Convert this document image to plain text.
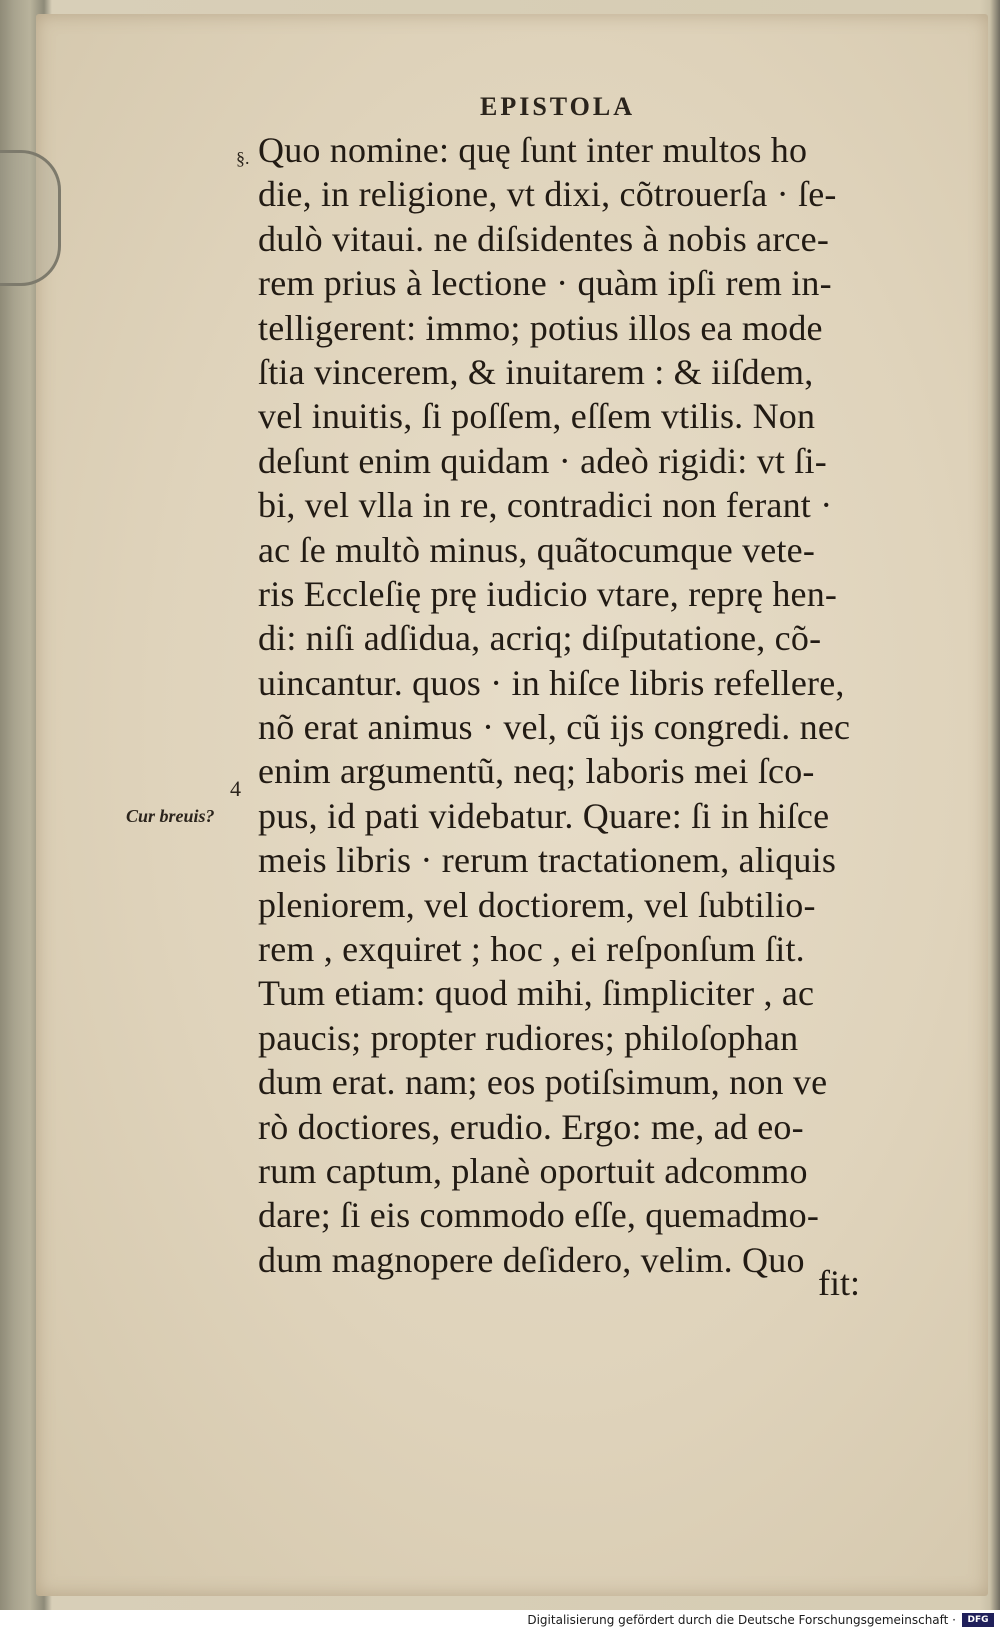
EPISTOLA
§.
4
Cur breuis?
Quo nomine: quę ſunt inter multos ho
die, in religione, vt dixi, cõtrouerſa · ſe-
dulò vitaui. ne diſsidentes à nobis arce-
rem prius à lectione · quàm ipſi rem in-
telligerent: immo; potius illos ea mode
ſtia vincerem, & inuitarem : & iiſdem,
vel inuitis, ſi poſſem, eſſem vtilis. Non
deſunt enim quidam · adeò rigidi: vt ſi-
bi, vel vlla in re, contradici non ferant ·
ac ſe multò minus, quãtocumque vete-
ris Eccleſię prę iudicio vtare, reprę hen-
di: niſi adſidua, acriq; diſputatione, cõ-
uincantur. quos · in hiſce libris refellere,
nõ erat animus · vel, cũ ijs congredi. nec
enim argumentũ, neq; laboris mei ſco-
pus, id pati videbatur. Quare: ſi in hiſce
meis libris · rerum tractationem, aliquis
pleniorem, vel doctiorem, vel ſubtilio-
rem , exquiret ; hoc , ei reſponſum ſit.
Tum etiam: quod mihi, ſimpliciter , ac
paucis; propter rudiores; philoſophan
dum erat. nam; eos potiſsimum, non ve
rò doctiores, erudio. Ergo: me, ad eo-
rum captum, planè oportuit adcommo
dare; ſi eis commodo eſſe, quemadmo-
dum magnopere deſidero, velim. Quo
fit:
Digitalisierung gefördert durch die Deutsche Forschungsgemeinschaft ·	DFG
